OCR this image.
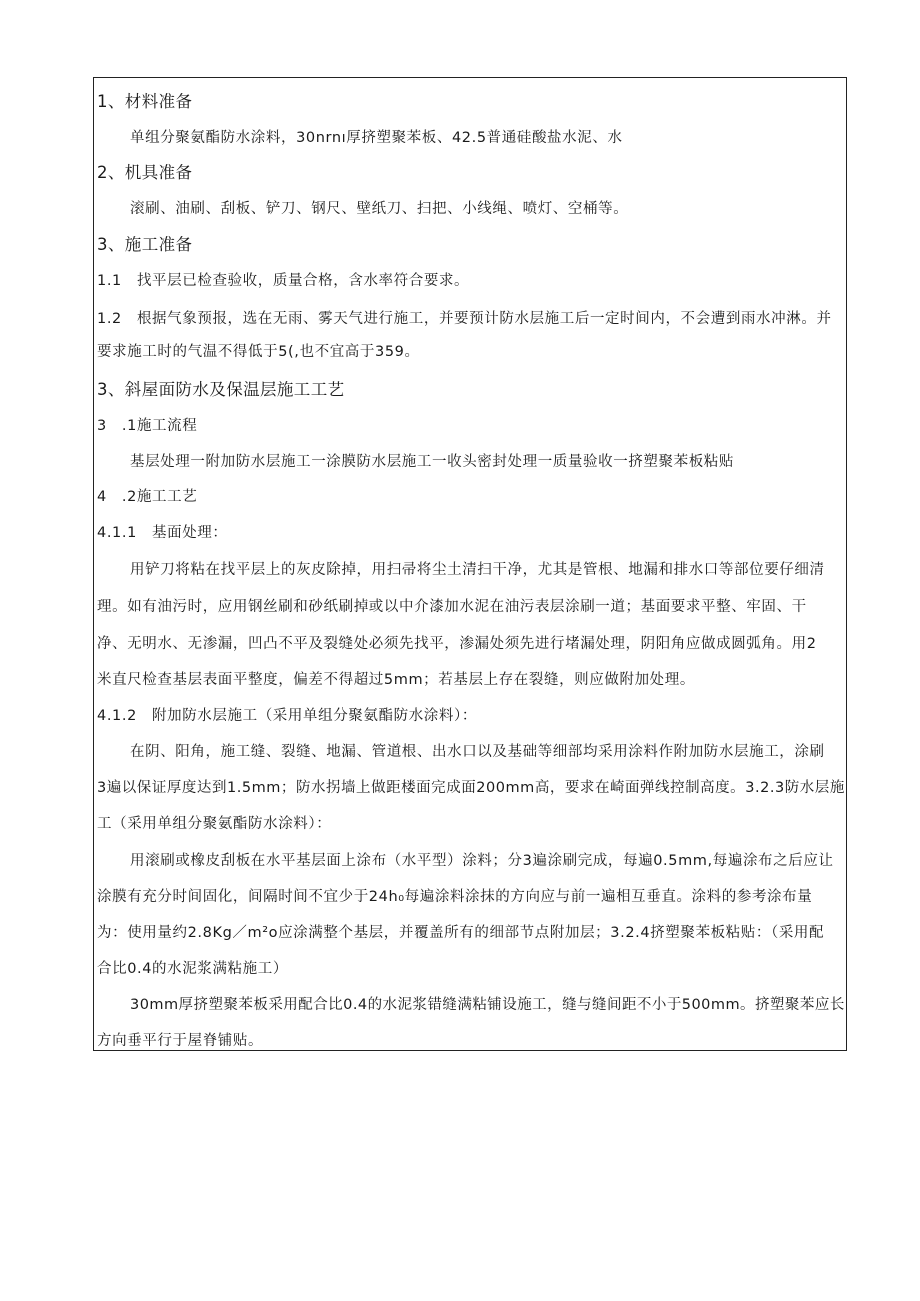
1、材料准备
单组分聚氨酯防水涂料，30nrnı厚挤塑聚苯板、42.5普通硅酸盐水泥、水
2、机具准备
滚刷、油刷、刮板、铲刀、钢尺、壁纸刀、扫把、小线绳、喷灯、空桶等。
3、施工准备
1.1　找平层已检查验收，质量合格，含水率符合要求。
1.2　根据气象预报，选在无雨、雾天气进行施工，并要预计防水层施工后一定时间内，不会遭到雨水冲淋。并
要求施工时的气温不得低于5(,也不宜高于359。
3、斜屋面防水及保温层施工工艺
3　.1施工流程
基层处理一附加防水层施工一涂膜防水层施工一收头密封处理一质量验收一挤塑聚苯板粘贴
4　.2施工工艺
4.1.1　基面处理：
用铲刀将粘在找平层上的灰皮除掉，用扫帚将尘土清扫干净，尤其是管根、地漏和排水口等部位要仔细清
理。如有油污时，应用钢丝刷和砂纸刷掉或以中介漆加水泥在油污表层涂刷一道；基面要求平整、牢固、干
净、无明水、无渗漏，凹凸不平及裂缝处必须先找平，渗漏处须先进行堵漏处理，阴阳角应做成圆弧角。用2
米直尺检查基层表面平整度，偏差不得超过5mm；若基层上存在裂缝，则应做附加处理。
4.1.2　附加防水层施工（采用单组分聚氨酯防水涂料）：
在阴、阳角，施工缝、裂缝、地漏、管道根、出水口以及基础等细部均采用涂料作附加防水层施工，涂刷
3遍以保证厚度达到1.5mm；防水拐墙上做距楼面完成面200mm高，要求在崎面弹线控制高度。3.2.3防水层施
工（采用单组分聚氨酯防水涂料）：
用滚刷或橡皮刮板在水平基层面上涂布（水平型）涂料；分3遍涂刷完成，每遍0.5mm,每遍涂布之后应让
涂膜有充分时间固化，间隔时间不宜少于24h₀每遍涂料涂抹的方向应与前一遍相互垂直。涂料的参考涂布量
为：使用量约2.8Kg／m²o应涂满整个基层，并覆盖所有的细部节点附加层；3.2.4挤塑聚苯板粘贴：（采用配
合比0.4的水泥浆满粘施工）
30mm厚挤塑聚苯板采用配合比0.4的水泥浆错缝满粘铺设施工，缝与缝间距不小于500mm。挤塑聚苯应长
方向垂平行于屋脊铺贴。
